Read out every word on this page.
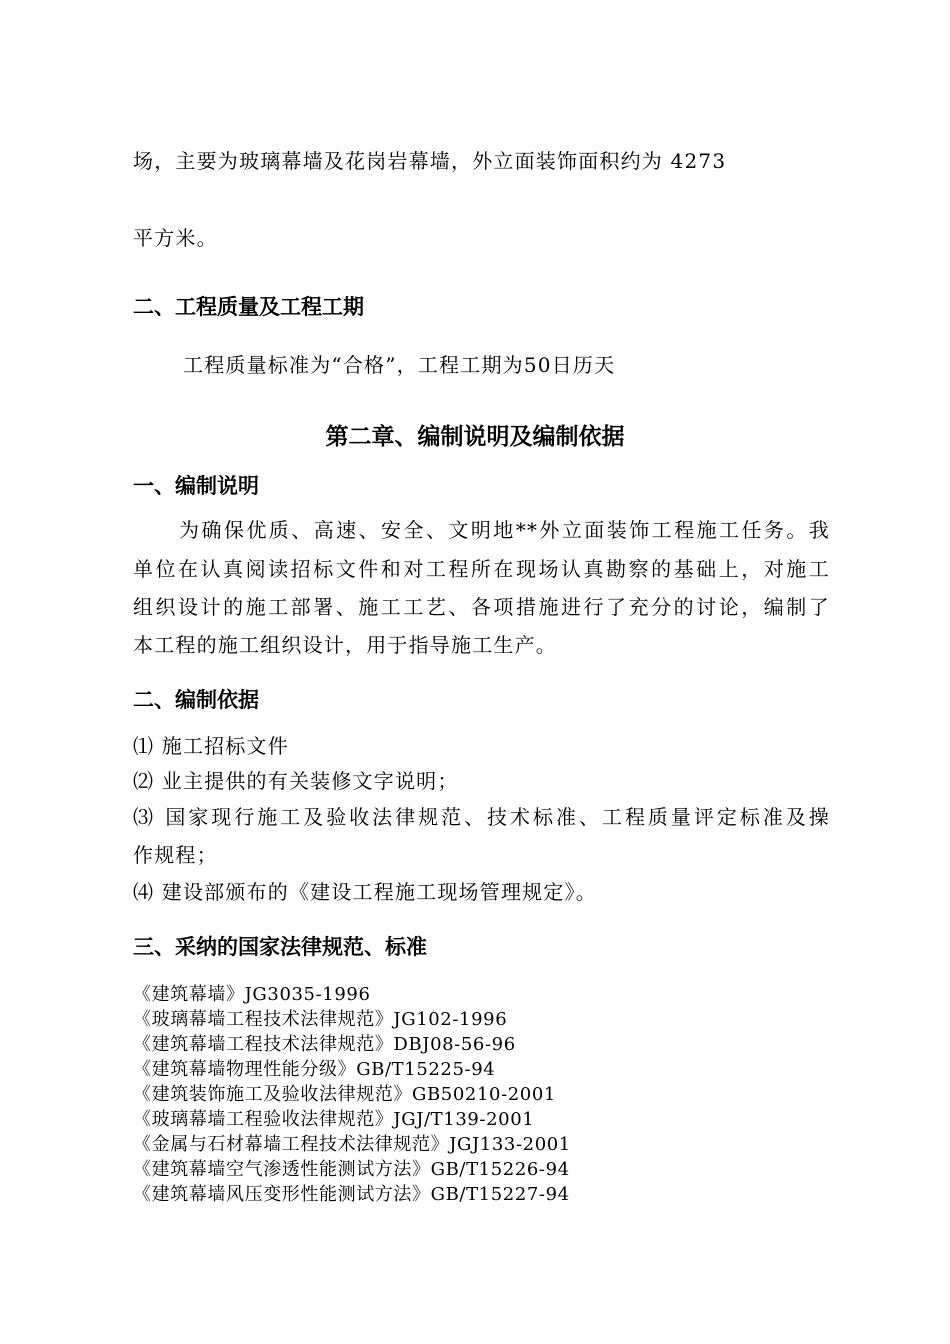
场，主要为玻璃幕墙及花岗岩幕墙，外立面装饰面积约为 4273
平方米。
二、工程质量及工程工期
工程质量标准为“合格”，工程工期为50日历天
第二章、编制说明及编制依据
一、编制说明
为确保优质、高速、安全、文明地**外立面装饰工程施工任务。我
单位在认真阅读招标文件和对工程所在现场认真勘察的基础上，对施工
组织设计的施工部署、施工工艺、各项措施进行了充分的讨论，编制了
本工程的施工组织设计，用于指导施工生产。
二、编制依据
⑴ 施工招标文件
⑵ 业主提供的有关装修文字说明；
⑶ 国家现行施工及验收法律规范、技术标准、工程质量评定标准及操
作规程；
⑷ 建设部颁布的《建设工程施工现场管理规定》。
三、采纳的国家法律规范、标准
《建筑幕墙》JG3035-1996
《玻璃幕墙工程技术法律规范》JG102-1996
《建筑幕墙工程技术法律规范》DBJ08-56-96
《建筑幕墙物理性能分级》GB/T15225-94
《建筑装饰施工及验收法律规范》GB50210-2001
《玻璃幕墙工程验收法律规范》JGJ/T139-2001
《金属与石材幕墙工程技术法律规范》JGJ133-2001
《建筑幕墙空气渗透性能测试方法》GB/T15226-94
《建筑幕墙风压变形性能测试方法》GB/T15227-94
